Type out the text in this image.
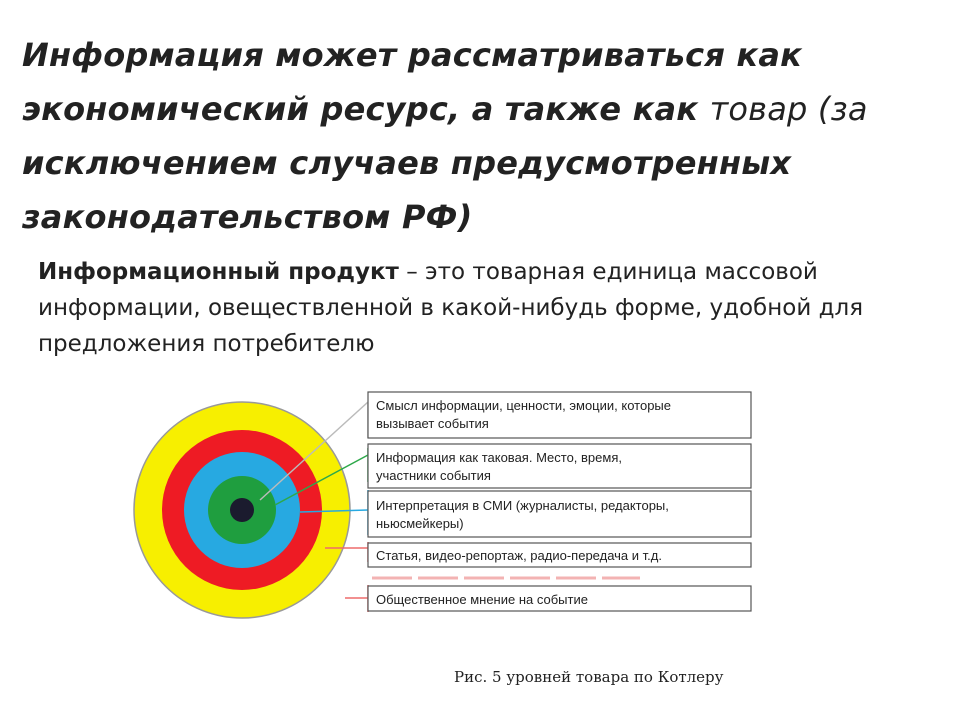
Информация может рассматриваться как экономический ресурс, а также как товар (за исключением случаев предусмотренных законодательством РФ)
Информационный продукт – это товарная единица массовой информации, овеществленной в какой-нибудь форме, удобной для предложения потребителю
Смысл информации, ценности, эмоции, которые
вызывает события
Информация как таковая. Место, время,
участники события
Интерпретация в СМИ (журналисты, редакторы,
ньюсмейкеры)
Статья, видео-репортаж, радио-передача и т.д.
Общественное мнение на событие
Рис. 5 уровней товара по Котлеру
